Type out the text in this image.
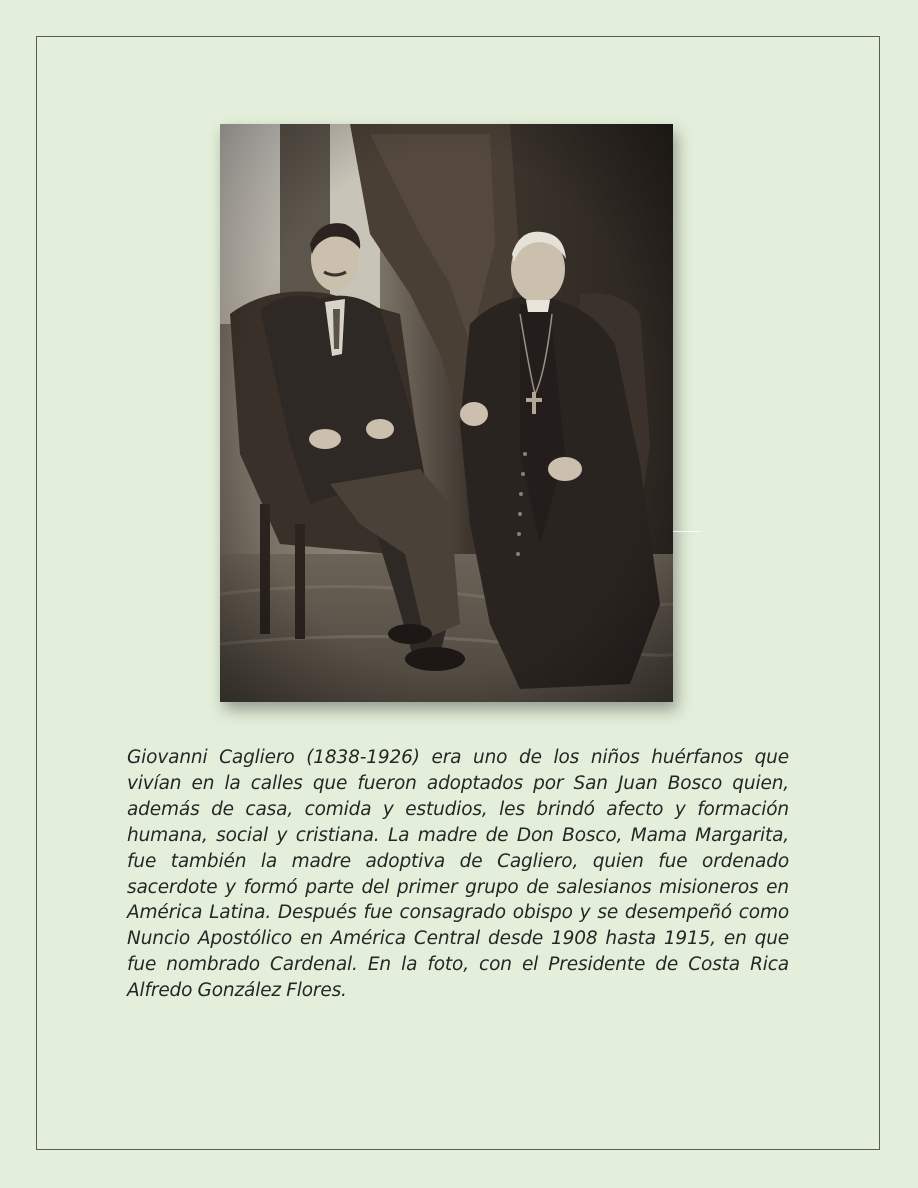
Giovanni Cagliero (1838-1926) era uno de los niños huérfanos que vivían en la calles que fueron adoptados por San Juan Bosco quien, además de casa, comida y estudios, les brindó afecto y formación humana, social y cristiana. La madre de Don Bosco, Mama Margarita, fue también la madre adoptiva de Cagliero, quien fue ordenado sacerdote y formó parte del primer grupo de salesianos misioneros en América Latina. Después fue consagrado obispo y se desempeñó como Nuncio Apostólico en América Central desde 1908 hasta 1915, en que fue nombrado Cardenal. En la foto, con el Presidente de Costa Rica Alfredo González Flores.
